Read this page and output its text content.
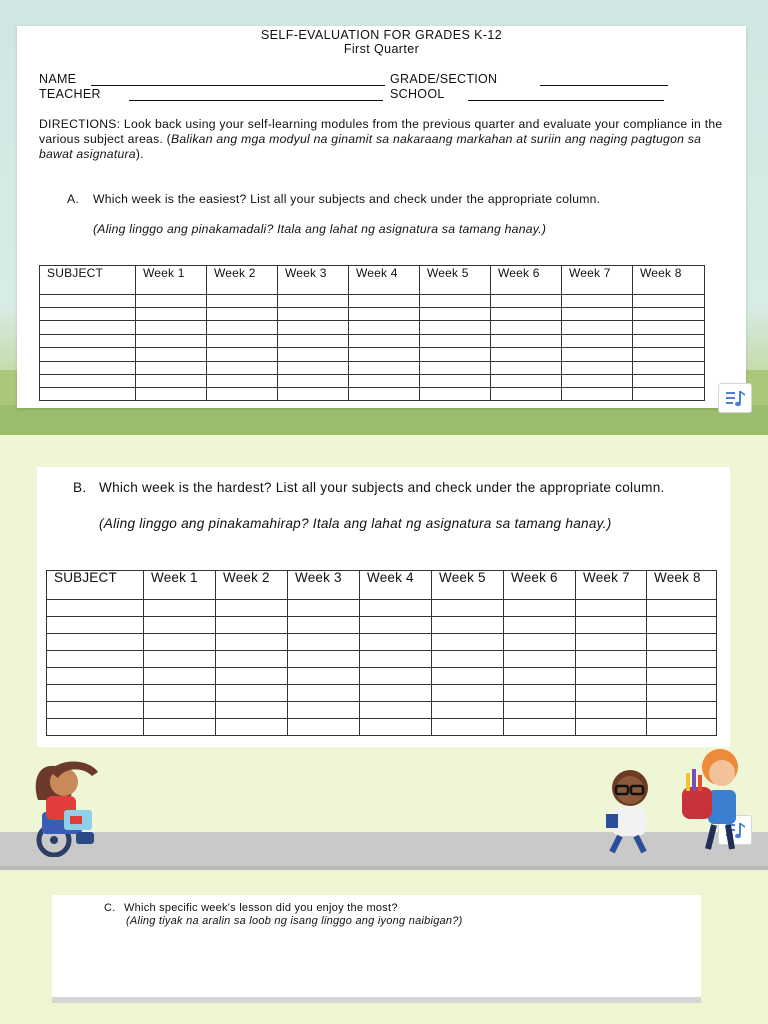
SELF-EVALUATION FOR GRADES K-12
First Quarter
NAME	GRADE/SECTION
TEACHER	SCHOOL
DIRECTIONS: Look back using your self-learning modules from the previous quarter and evaluate your compliance in the various subject areas. (Balikan ang mga modyul na ginamit sa nakaraang markahan at suriin ang naging pagtugon sa bawat asignatura).
A. Which week is the easiest? List all your subjects and check under the appropriate column.
(Aling linggo ang pinakamadali? Itala ang lahat ng asignatura sa tamang hanay.)
SUBJECT	Week 1	Week 2	Week 3	Week 4	Week 5	Week 6	Week 7	Week 8

B. Which week is the hardest? List all your subjects and check under the appropriate column.
(Aling linggo ang pinakamahirap? Itala ang lahat ng asignatura sa tamang hanay.)
SUBJECT	Week 1	Week 2	Week 3	Week 4	Week 5	Week 6	Week 7	Week 8

C. Which specific week's lesson did you enjoy the most?
(Aling tiyak na aralin sa loob ng isang linggo ang iyong naibigan?)
